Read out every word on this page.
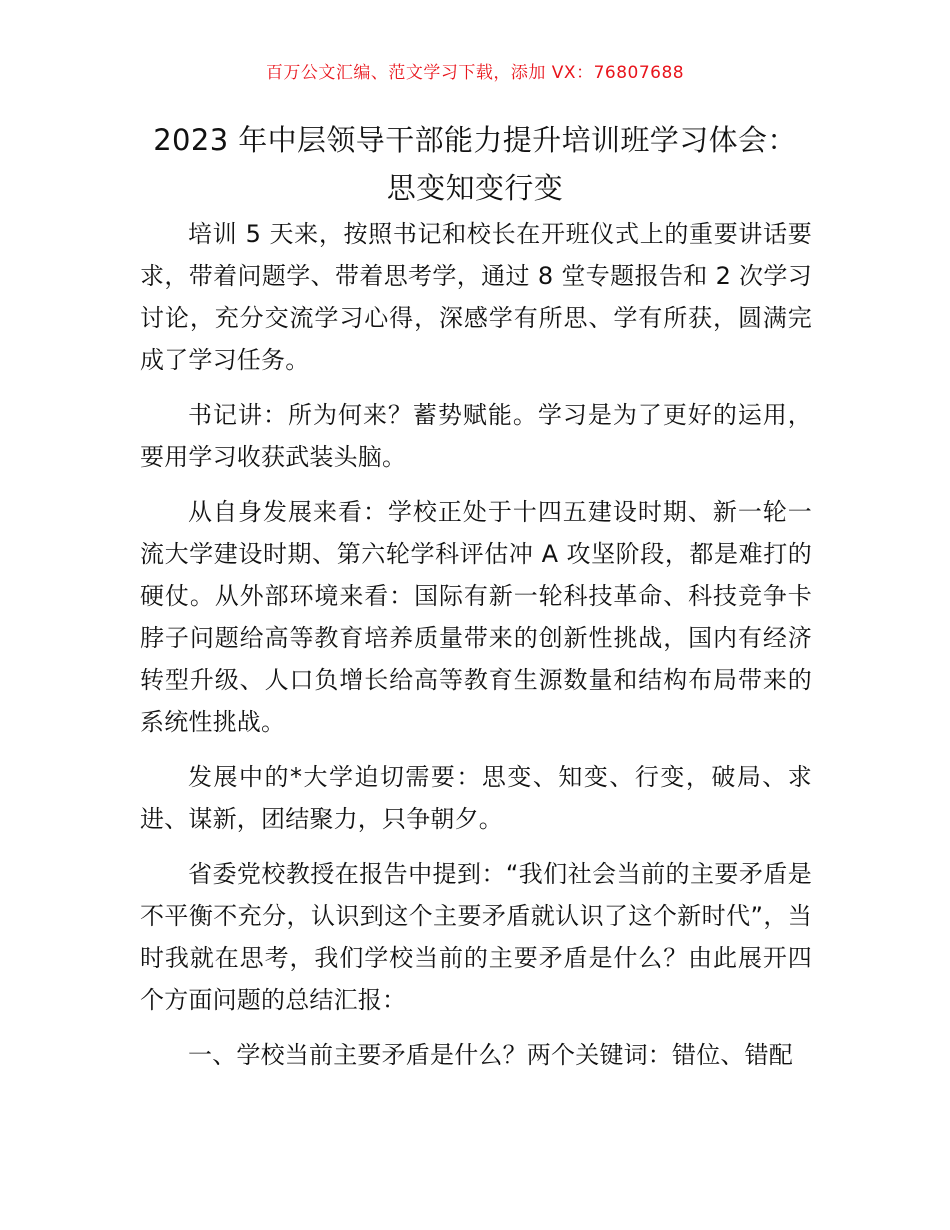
百万公文汇编、范文学习下载，添加 VX：76807688
2023 年中层领导干部能力提升培训班学习体会：思变知变行变

培训 5 天来，按照书记和校长在开班仪式上的重要讲话要求，带着问题学、带着思考学，通过 8 堂专题报告和 2 次学习讨论，充分交流学习心得，深感学有所思、学有所获，圆满完成了学习任务。

书记讲：所为何来？蓄势赋能。学习是为了更好的运用，要用学习收获武装头脑。

从自身发展来看：学校正处于十四五建设时期、新一轮一流大学建设时期、第六轮学科评估冲 A 攻坚阶段，都是难打的硬仗。从外部环境来看：国际有新一轮科技革命、科技竞争卡脖子问题给高等教育培养质量带来的创新性挑战，国内有经济转型升级、人口负增长给高等教育生源数量和结构布局带来的系统性挑战。

发展中的*大学迫切需要：思变、知变、行变，破局、求进、谋新，团结聚力，只争朝夕。

省委党校教授在报告中提到：“我们社会当前的主要矛盾是不平衡不充分，认识到这个主要矛盾就认识了这个新时代”，当时我就在思考，我们学校当前的主要矛盾是什么？由此展开四个方面问题的总结汇报：

一、学校当前主要矛盾是什么？两个关键词：错位、错配
